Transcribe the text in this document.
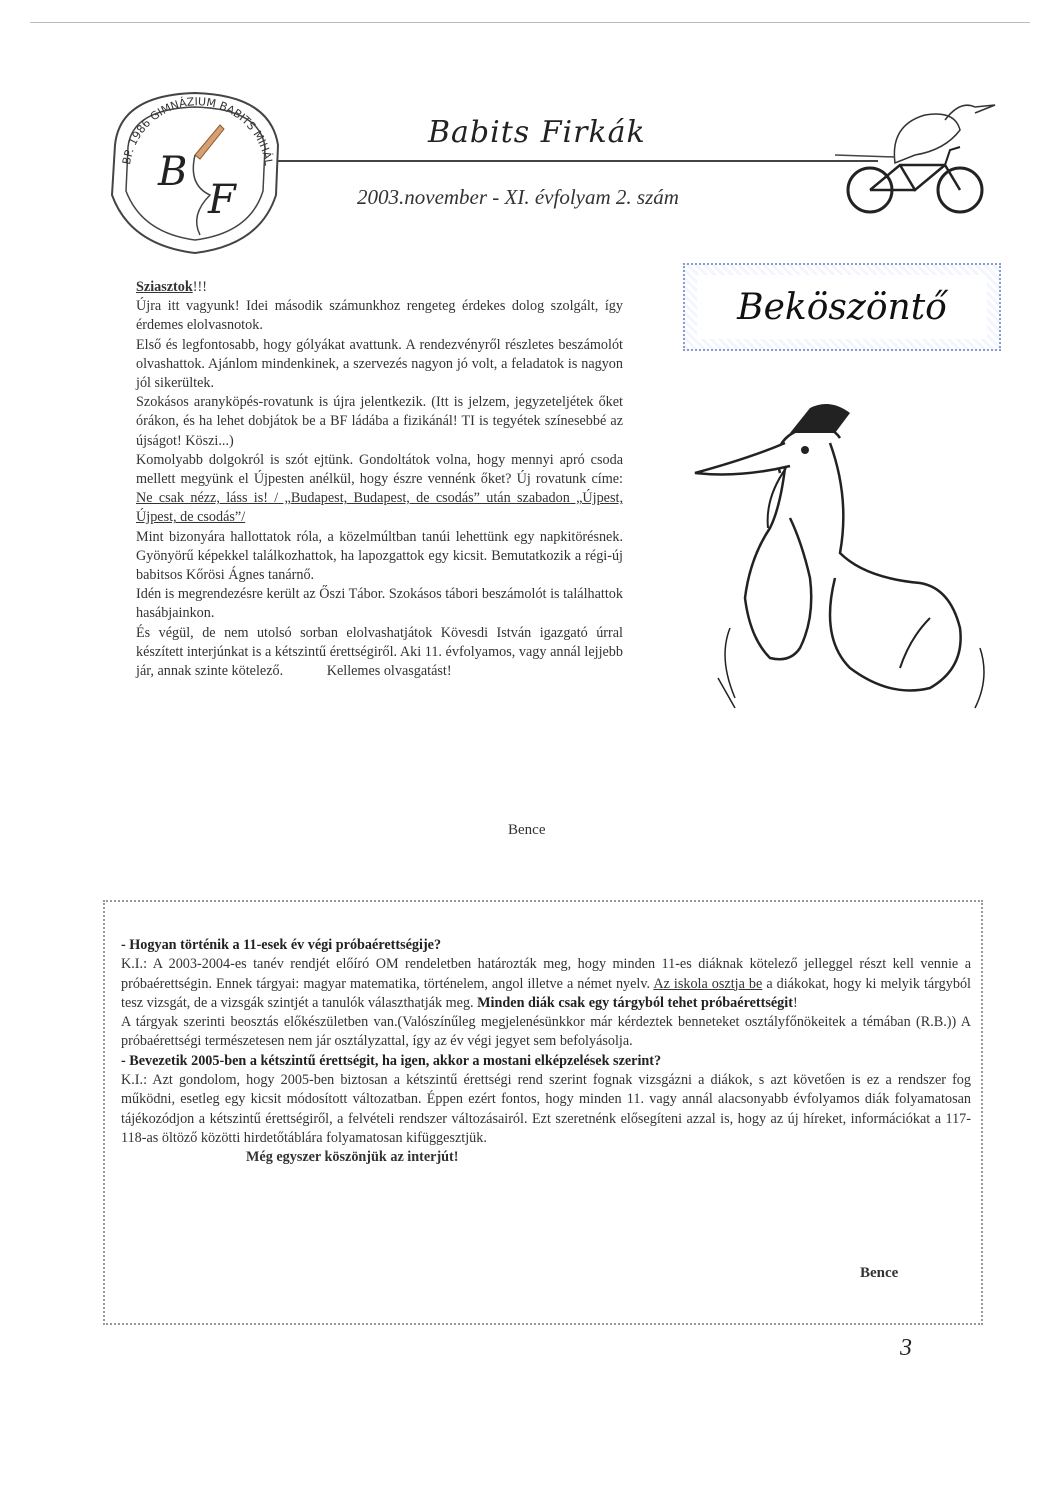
BP. 1986 GIMNÁZIUM BABITS MIHÁL
B
F
Babits Firkák
2003.november - XI. évfolyam 2. szám
Beköszöntő

Sziasztok!!!

Újra itt vagyunk! Idei második számunkhoz rengeteg érdekes dolog szolgált, így érdemes elolvasnotok.

Első és legfontosabb, hogy gólyákat avattunk. A rendezvényről részletes beszámolót olvashattok. Ajánlom mindenkinek, a szervezés nagyon jó volt, a feladatok is nagyon jól sikerültek.

Szokásos aranyköpés-rovatunk is újra jelentkezik. (Itt is jelzem, jegyzeteljétek őket órákon, és ha lehet dobjátok be a BF ládába a fizikánál! TI is tegyétek színesebbé az újságot! Köszi...)

Komolyabb dolgokról is szót ejtünk. Gondoltátok volna, hogy mennyi apró csoda mellett megyünk el Újpesten anélkül, hogy észre vennénk őket? Új rovatunk címe: Ne csak nézz, láss is! / „Budapest, Budapest, de csodás” után szabadon „Újpest, Újpest, de csodás”/

Mint bizonyára hallottatok róla, a közelmúltban tanúi lehettünk egy napkitörésnek. Gyönyörű képekkel találkozhattok, ha lapozgattok egy kicsit. Bemutatkozik a régi-új babitsos Kőrösi Ágnes tanárnő.

Idén is megrendezésre került az Őszi Tábor. Szokásos tábori beszámolót is találhattok hasábjainkon.

És végül, de nem utolsó sorban elolvashatjátok Kövesdi István igazgató úrral készített interjúnkat is a kétszintű érettségiről. Aki 11. évfolyamos, vagy annál lejjebb jár, annak szinte kötelező.	Kellemes olvasgatást!

Bence

- Hogyan történik a 11-esek év végi próbaérettségije?

K.I.: A 2003-2004-es tanév rendjét előíró OM rendeletben határozták meg, hogy minden 11-es diáknak kötelező jelleggel részt kell vennie a próbaérettségin. Ennek tárgyai: magyar matematika, történelem, angol illetve a német nyelv. Az iskola osztja be a diákokat, hogy ki melyik tárgyból tesz vizsgát, de a vizsgák szintjét a tanulók választhatják meg. Minden diák csak egy tárgyból tehet próbaérettségit!

A tárgyak szerinti beosztás előkészületben van.(Valószínűleg megjelenésünkkor már kérdeztek benneteket osztályfőnökeitek a témában (R.B.)) A próbaérettségi természetesen nem jár osztályzattal, így az év végi jegyet sem befolyásolja.

- Bevezetik 2005-ben a kétszintű érettségit, ha igen, akkor a mostani elképzelések szerint?

K.I.: Azt gondolom, hogy 2005-ben biztosan a kétszintű érettségi rend szerint fognak vizsgázni a diákok, s azt követően is ez a rendszer fog működni, esetleg egy kicsit módosított változatban. Éppen ezért fontos, hogy minden 11. vagy annál alacsonyabb évfolyamos diák folyamatosan tájékozódjon a kétszintű érettségiről, a felvételi rendszer változásairól. Ezt szeretnénk elősegíteni azzal is, hogy az új híreket, információkat a 117-118-as öltöző közötti hirdetőtáblára folyamatosan kifüggesztjük.

Még egyszer köszönjük az interjút!

Bence
3
